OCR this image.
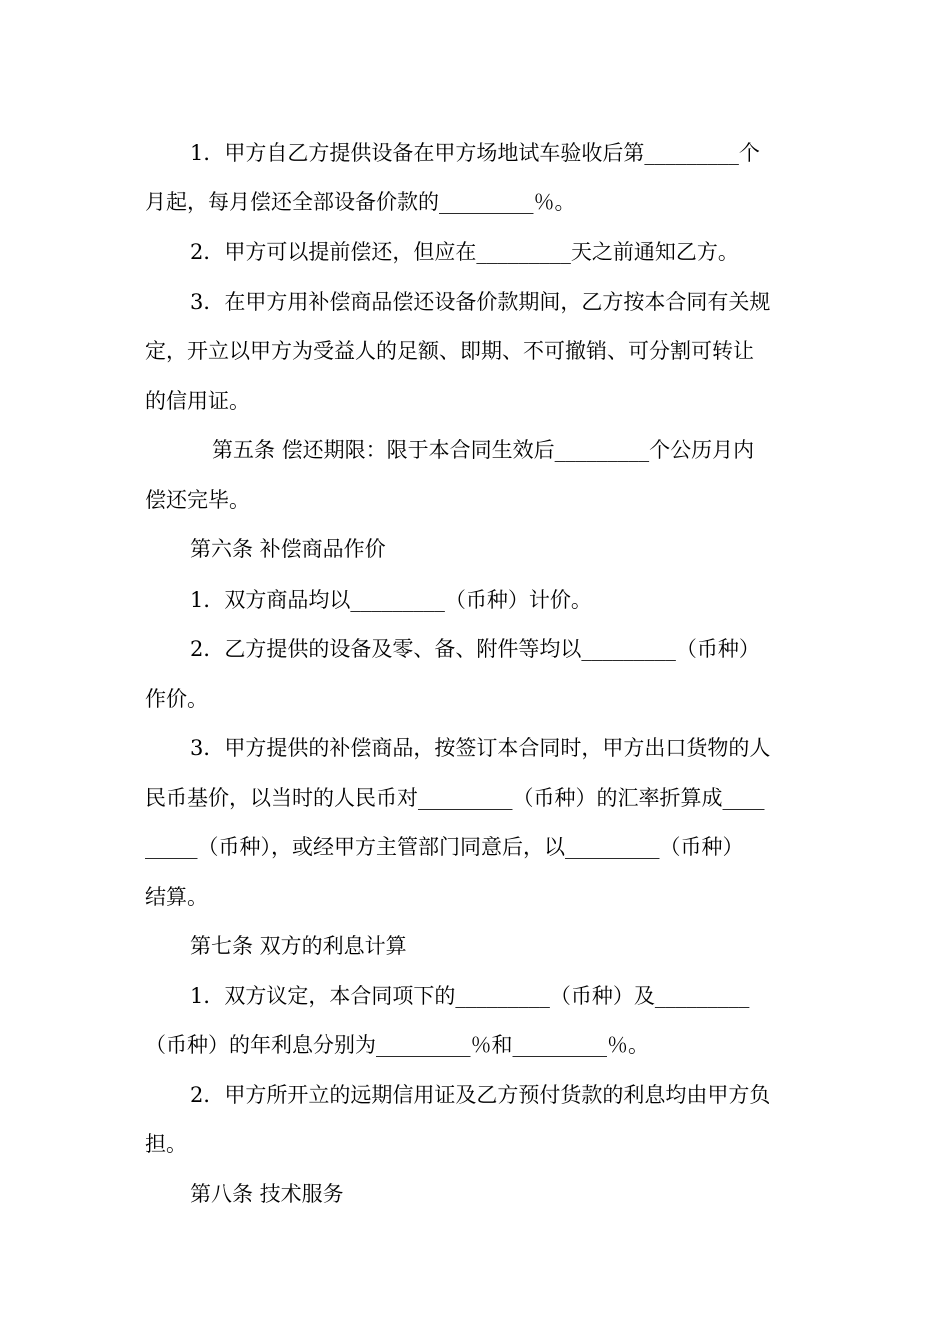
1．甲方自乙方提供设备在甲方场地试车验收后第_________个
月起，每月偿还全部设备价款的_________％。
2．甲方可以提前偿还，但应在_________天之前通知乙方。
3．在甲方用补偿商品偿还设备价款期间，乙方按本合同有关规
定，开立以甲方为受益人的足额、即期、不可撤销、可分割可转让
的信用证。
第五条 偿还期限：限于本合同生效后_________个公历月内
偿还完毕。
第六条 补偿商品作价
1．双方商品均以_________（币种）计价。
2．乙方提供的设备及零、备、附件等均以_________（币种）
作价。
3．甲方提供的补偿商品，按签订本合同时，甲方出口货物的人
民币基价，以当时的人民币对_________（币种）的汇率折算成____
_____（币种），或经甲方主管部门同意后，以_________（币种）
结算。
第七条 双方的利息计算
1．双方议定，本合同项下的_________（币种）及_________
（币种）的年利息分别为_________％和_________％。
2．甲方所开立的远期信用证及乙方预付货款的利息均由甲方负
担。
第八条 技术服务
